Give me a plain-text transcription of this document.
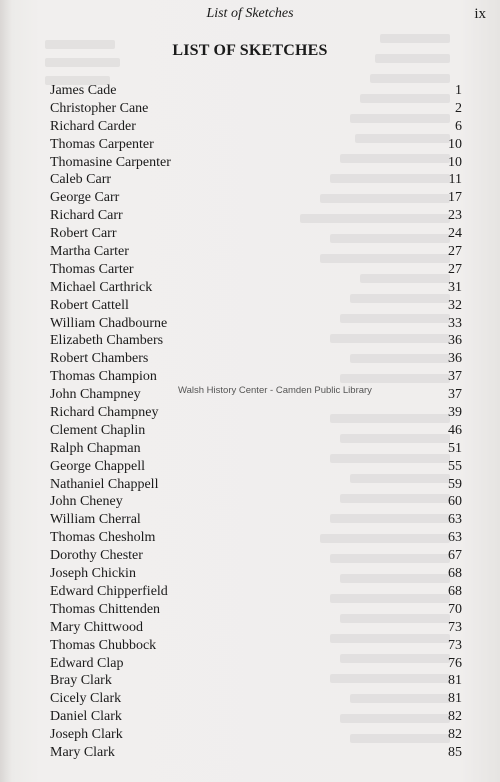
List of Sketches	ix
LIST OF SKETCHES
James Cade	1
Christopher Cane	2
Richard Carder	6
Thomas Carpenter	10
Thomasine Carpenter	10
Caleb Carr	11
George Carr	17
Richard Carr	23
Robert Carr	24
Martha Carter	27
Thomas Carter	27
Michael Carthrick	31
Robert Cattell	32
William Chadbourne	33
Elizabeth Chambers	36
Robert Chambers	36
Thomas Champion	37
John Champney	37
Richard Champney	39
Clement Chaplin	46
Ralph Chapman	51
George Chappell	55
Nathaniel Chappell	59
John Cheney	60
William Cherral	63
Thomas Chesholm	63
Dorothy Chester	67
Joseph Chickin	68
Edward Chipperfield	68
Thomas Chittenden	70
Mary Chittwood	73
Thomas Chubbock	73
Edward Clap	76
Bray Clark	81
Cicely Clark	81
Daniel Clark	82
Joseph Clark	82
Mary Clark	85
Walsh History Center - Camden Public Library
